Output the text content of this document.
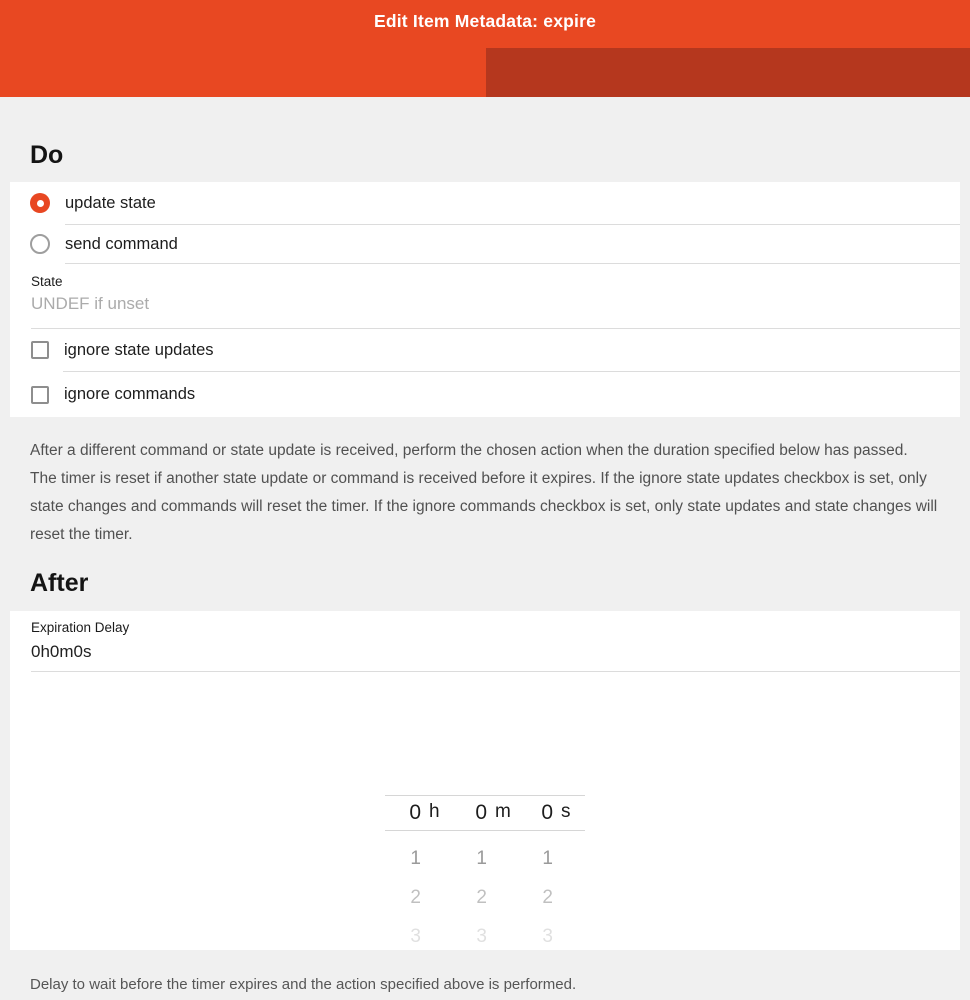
Edit Item Metadata: expire
Do
update state
send command
State
UNDEF if unset
ignore state updates
ignore commands
After a different command or state update is received, perform the chosen action when the duration specified below has passed. The timer is reset if another state update or command is received before it expires. If the ignore state updates checkbox is set, only state changes and commands will reset the timer. If the ignore commands checkbox is set, only state updates and state changes will reset the timer.
After
Expiration Delay
0h0m0s
0 h	0 m	0 s
1	1	1
2	2	2
3	3	3
Delay to wait before the timer expires and the action specified above is performed.
